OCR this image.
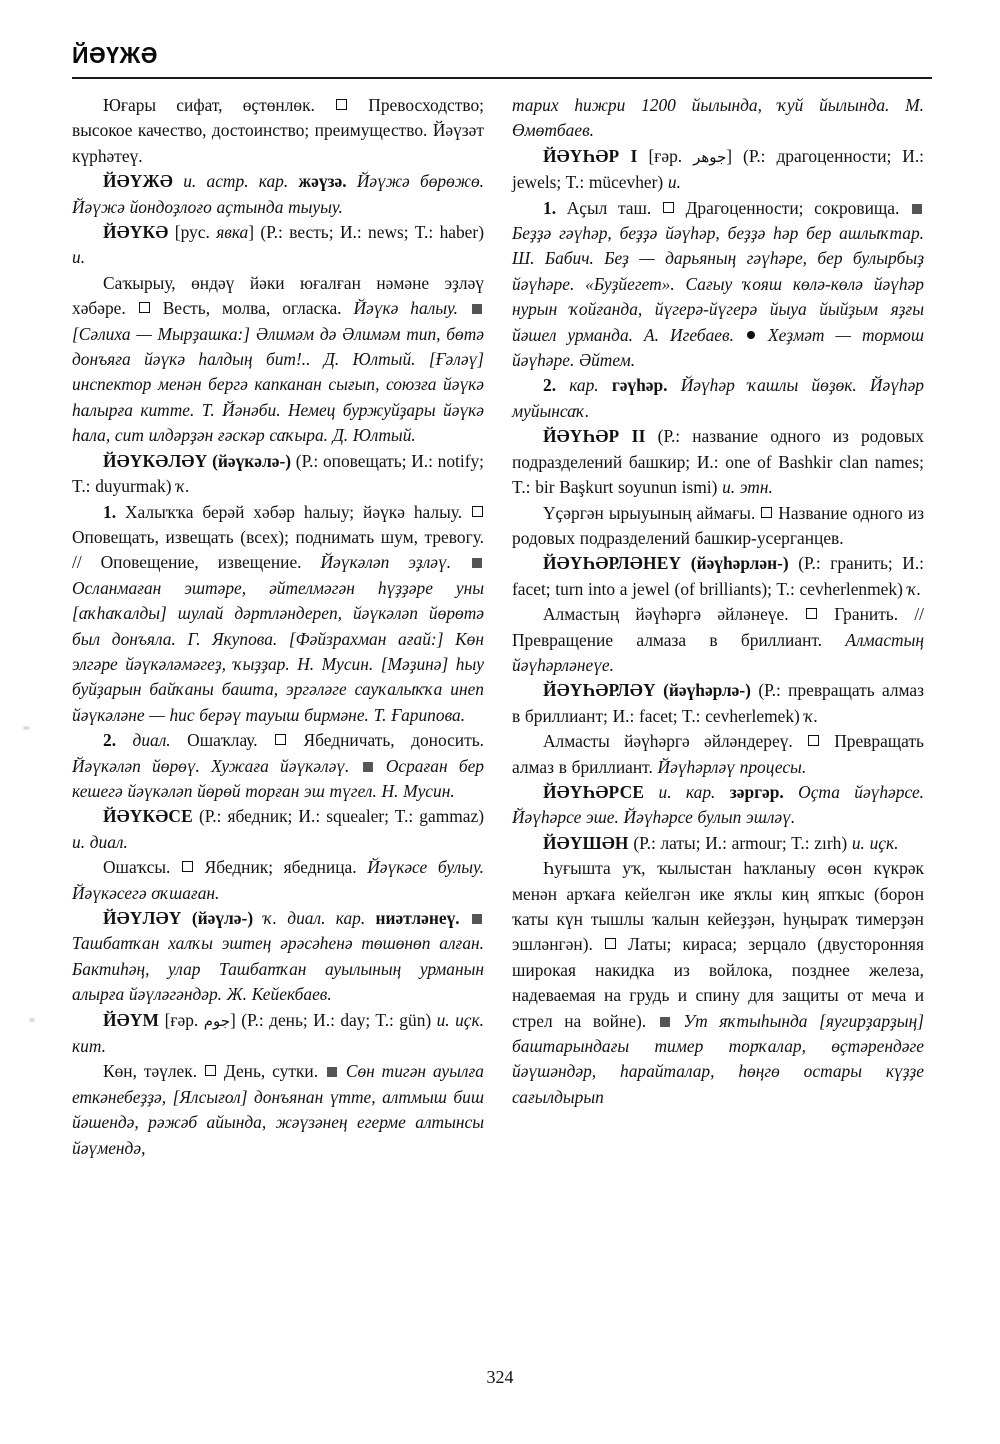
ЙӘҮЖӘ

Юғары сифат, өҫтөнлөк.  Превосходство; высокое качество, достоинство; преимущество. Йәүзәт күрһәтеү.

ЙӘҮЖӘ и. астр. кар. жәүзә. Йәүжә бөрөжө. Йәүжә йондоҙлоғо аҫтында тыуыу.

ЙӘҮКӘ [рус. явка] (Р.: весть; И.: news; T.: haber) и.

Саҡырыу, өндәү йәки юғалған нәмәне эҙләү хәбәре.  Весть, молва, огласка. Йәүкә һалыу.  [Сәлиха — Мырҙашка:] Әлимәм дә Әлимәм тип, бөтә донъяға йәүкә һалдың бит!.. Д. Юлтый. [Ғәләү] инспектор менән бергә капканан сығып, союзға йәүкә һалырға китте. Т. Йәнәби. Немец буржуйҙары йәүкә һала, сит илдәрҙән ғәскәр саҡыра. Д. Юлтый.

ЙӘҮКӘЛӘҮ (йәүкәлә-) (Р.: оповещать; И.: notify; T.: duyurmak) ҡ.

1. Халыҡҡа берәй хәбәр һалыу; йәүкә һалыу.  Оповещать, извещать (всех); поднимать шум, тревогу. // Оповещение, извещение. Йәүкәләп эҙләү.  Осланмаған эштәре, әйтелмәгән һүҙҙәре уны [аҡһаҡалды] шулай дәртләндереп, йәүкәләп йөрөтә был донъяла. Г. Якупова. [Фәйзрахман ағай:] Көн элгәре йәүкәләмәгеҙ, ҡыҙҙар. Н. Мусин. [Мәҙинә] һыу буйҙарын байҡаны башта, эргәләге сауҡалыҡҡа инеп йәүкәләне — һис берәү тауыш бирмәне. Т. Ғарипова.

2. диал. Ошаҡлау.  Ябедничать, доносить. Йәүкәләп йөрөү. Хужаға йәүкәләү.  Осраған бер кешегә йәүкәләп йөрөй торған эш түгел. Н. Мусин.

ЙӘҮКӘСЕ (Р.: ябедник; И.: squealer; T.: gammaz) и. диал.

Ошаҡсы.  Ябедник; ябедница. Йәүкәсе булыу. Йәүкәсегә оҡшаған.

ЙӘҮЛӘҮ (йәүлә-) ҡ. диал. кар. ниәтләнеү.  Ташбатҡан халҡы эштең әрәсәһенә төшөнөп алған. Бактиһәң, улар Ташбатҡан ауылының урманын алырға йәүләгәндәр. Ж. Кейекбаев.

ЙӘҮМ [ғәр. جوم] (Р.: день; И.: day; T.: gün) и. иҫк. кит.

Көн, тәүлек.  День, сутки.  Сөн тигән ауылға еткәнебеҙҙә, [Ялсығол] донъянан үтте, алтмыш биш йәшендә, рәжәб айында, жәүзәнең егерме алтынсы йәүмендә,

тарих һижри 1200 йылында, ҡуй йылында. М. Өмөтбаев.

ЙӘҮҺӘР I [ғәр. جوهر] (Р.: драгоценности; И.: jewels; T.: mücevher) и.

1. Аҫыл таш.  Драгоценности; сокровища.  Беҙҙә гәүһәр, беҙҙә йәүһәр, беҙҙә һәр бер ашлыҡтар. Ш. Бабич. Беҙ — дарьяның гәүһәре, бер булырбыҙ йәүһәре. «Буҙйегет». Сағыу ҡояш көлә-көлә йәүһәр нурын ҡойғанда, йүгерә-йүгерә йыуа йыйҙым яҙғы йәшел урманда. А. Игебаев.  Хеҙмәт — тормош йәүһәре. Әйтем.

2. кар. гәүһәр. Йәүһәр ҡашлы йөҙөк. Йәүһәр муйынсаҡ.

ЙӘҮҺӘР II (Р.: название одного из родовых подразделений башкир; И.: one of Bashkir clan names; T.: bir Başkurt soyunun ismi) и. этн.

Үҫәргән ырыуының аймағы.  Название одного из родовых подразделений башкир-усерганцев.

ЙӘҮҺӘРЛӘНЕҮ (йәүһәрлән-) (Р.: гранить; И.: facet; turn into a jewel (of brilliants); T.: cevherlenmek) ҡ.

Алмастың йәүһәргә әйләнеүе.  Гранить. // Превращение алмаза в бриллиант. Алмастың йәүһәрләнеүе.

ЙӘҮҺӘРЛӘҮ (йәүһәрлә-) (Р.: превращать алмаз в бриллиант; И.: facet; T.: cevherlemek) ҡ.

Алмасты йәүһәргә әйләндереү.  Превращать алмаз в бриллиант. Йәүһәрләү процесы.

ЙӘҮҺӘРСЕ и. кар. зәргәр. Оҫта йәүһәрсе. Йәүһәрсе эше. Йәүһәрсе булып эшләү.

ЙӘҮШӘН (Р.: латы; И.: armour; T.: zırh) и. иҫк.

Һуғышта уҡ, ҡылыстан һаҡланыу өсөн күкрәк менән арҡаға кейелгән ике яҡлы киң япҡыс (борон ҡаты күн тышлы ҡалын кейеҙҙән, һуңыраҡ тимерҙән эшләнгән).  Латы; кираса; зерцало (двусторонняя широкая накидка из войлока, позднее железа, надеваемая на грудь и спину для защиты от меча и стрел на войне).  Ут яҡтыһында [яугирҙарҙың] баштарындағы тимер торҡалар, өҫтәрендәге йәүшәндәр, һарайталар, һөңгө остары күҙҙе сағылдырып

324
